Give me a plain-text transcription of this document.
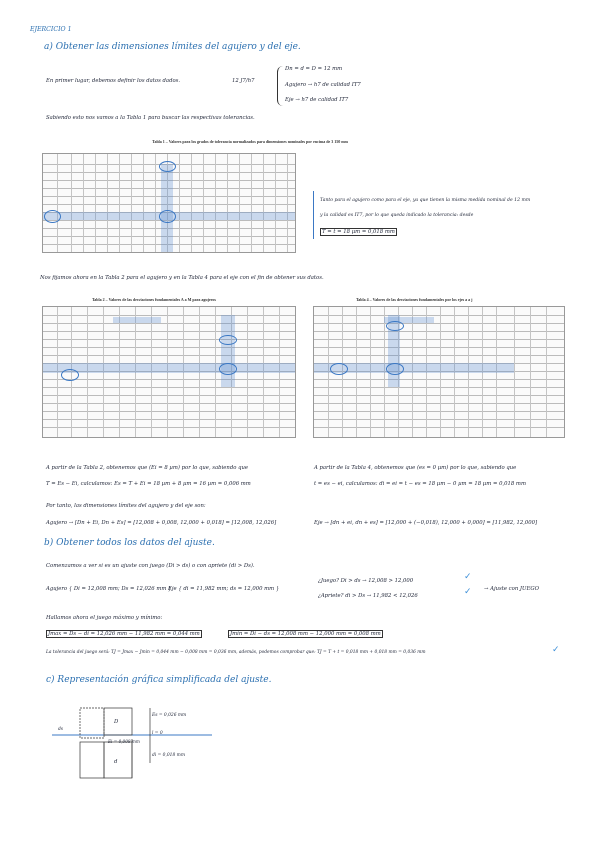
EJERCICIO 1
a) Obtener las dimensiones límites del agujero y del eje.
En primer lugar, debemos definir los datos dados.	12 J7/h7
Dn = d = D = 12 mm
Agujero → h7 de calidad IT7
Eje → h7 de calidad IT7
Sabiendo esto nos vamos a la Tabla 1 para buscar las respectivas tolerancias.
Tabla 1 – Valores para los grados de tolerancia normalizados para dimensiones nominales por encima de 3 150 mm
Tanto para el agujero como para el eje, ya que tienen la misma medida nominal de 12 mm
y la calidad es IT7, por lo que queda indicado la tolerancia: desde
T = t = 18 µm = 0,018 mm
Nos fijamos ahora en la Tabla 2 para el agujero y en la Tabla 4 para el eje con el fin de obtener sus datos.
Tabla 2 – Valores de las desviaciones fundamentales A a M para agujeros	Tabla 4 – Valores de las desviaciones fundamentales por los ejes a a j
A partir de la Tabla 2, obtenemos que (Ei = 8 µm) por lo que, sabiendo que
T = Es − Ei, calculamos: Es = T + Ei = 18 µm + 8 µm = 16 µm = 0,006 mm
A partir de la Tabla 4, obtenemos que (es = 0 µm) por lo que, sabiendo que
t = es − ei, calculamos: di = ei = t − es = 18 µm − 0 µm = 18 µm = 0,018 mm
Por tanto, las dimensiones límites del agujero y del eje son:
Agujero → [Dn + Ei, Dn + Es] = [12,008 + 0,008, 12,000 + 0,018] = [12,008, 12,026]	Eje → [dn + ei, dn + es] = [12,000 + (−0,018), 12,000 + 0,000] = [11,982, 12,000]
b) Obtener todos los datos del ajuste.
Comenzamos a ver si es un ajuste con juego (Di > ds) o con apriete (di > Ds).
Agujero { Di = 12,008 mm; Ds = 12,026 mm }
Eje { di = 11,982 mm; ds = 12,000 mm }
¿Juego? Di > ds → 12,008 > 12,000	✓
¿Apriete? di > Ds → 11,982 < 12,026	✓ → Ajuste con JUEGO
Hallamos ahora el juego máximo y mínimo:
Jmax = Ds − di = 12,026 mm − 11,982 mm = 0,044 mm	Jmin = Di − ds = 12,008 mm − 12,000 mm = 0,008 mm
La tolerancia del juego será: TJ = Jmax − Jmin = 0,044 mm − 0,008 mm = 0,036 mm, además, podemos comprobar que: TJ = T + t = 0,018 mm + 0,018 mm = 0,036 mm	✓
c) Representación gráfica simplificada del ajuste.
Es = 0,026 mm
l = 0
di = 0,018 mm
Ei = 0,008 mm
ds
D
d
